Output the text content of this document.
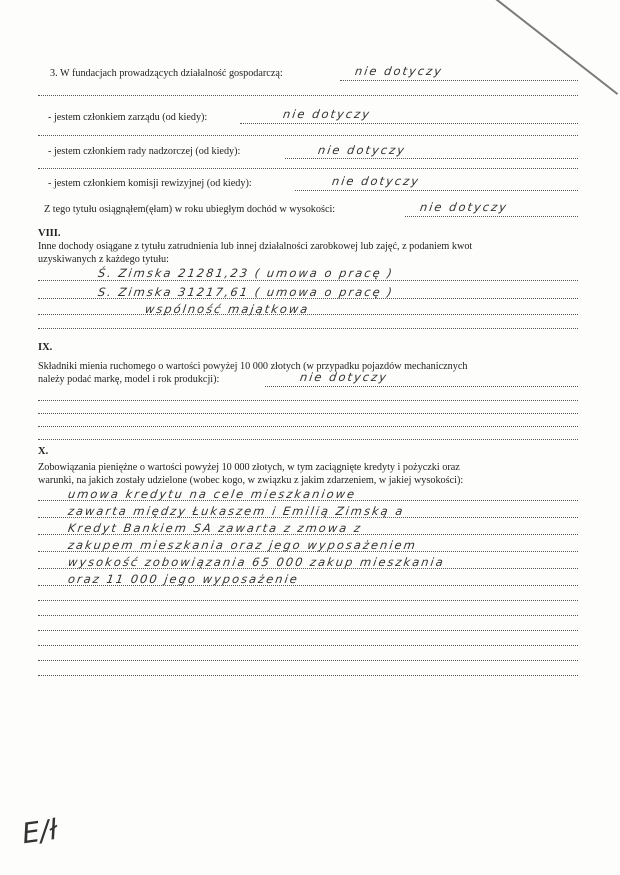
3. W fundacjach prowadzących działalność gospodarczą:	nie dotyczy
- jestem członkiem zarządu (od kiedy):	nie dotyczy
- jestem członkiem rady nadzorczej (od kiedy):	nie dotyczy
- jestem członkiem komisji rewizyjnej (od kiedy):	nie dotyczy
Z tego tytułu osiągnąłem(ęłam) w roku ubiegłym dochód w wysokości:	nie dotyczy
VIII.
Inne dochody osiągane z tytułu zatrudnienia lub innej działalności zarobkowej lub zajęć, z podaniem kwot
uzyskiwanych z każdego tytułu:
Ś. Zimska 21281,23 ( umowa o pracę )
S. Zimska 31217,61 ( umowa o pracę )
wspólność majątkowa
IX.
Składniki mienia ruchomego o wartości powyżej 10 000 złotych (w przypadku pojazdów mechanicznych
należy podać markę, model i rok produkcji):	nie dotyczy
X.
Zobowiązania pieniężne o wartości powyżej 10 000 złotych, w tym zaciągnięte kredyty i pożyczki oraz
warunki, na jakich zostały udzielone (wobec kogo, w związku z jakim zdarzeniem, w jakiej wysokości):
umowa kredytu na cele mieszkaniowe
zawarta między Łukaszem i Emilią Zimską a
Kredyt Bankiem SA zawarta z zmowa z
zakupem mieszkania oraz jego wyposażeniem
wysokość zobowiązania 65 000 zakup mieszkania
oraz 11 000 jego wyposażenie
E/ł
